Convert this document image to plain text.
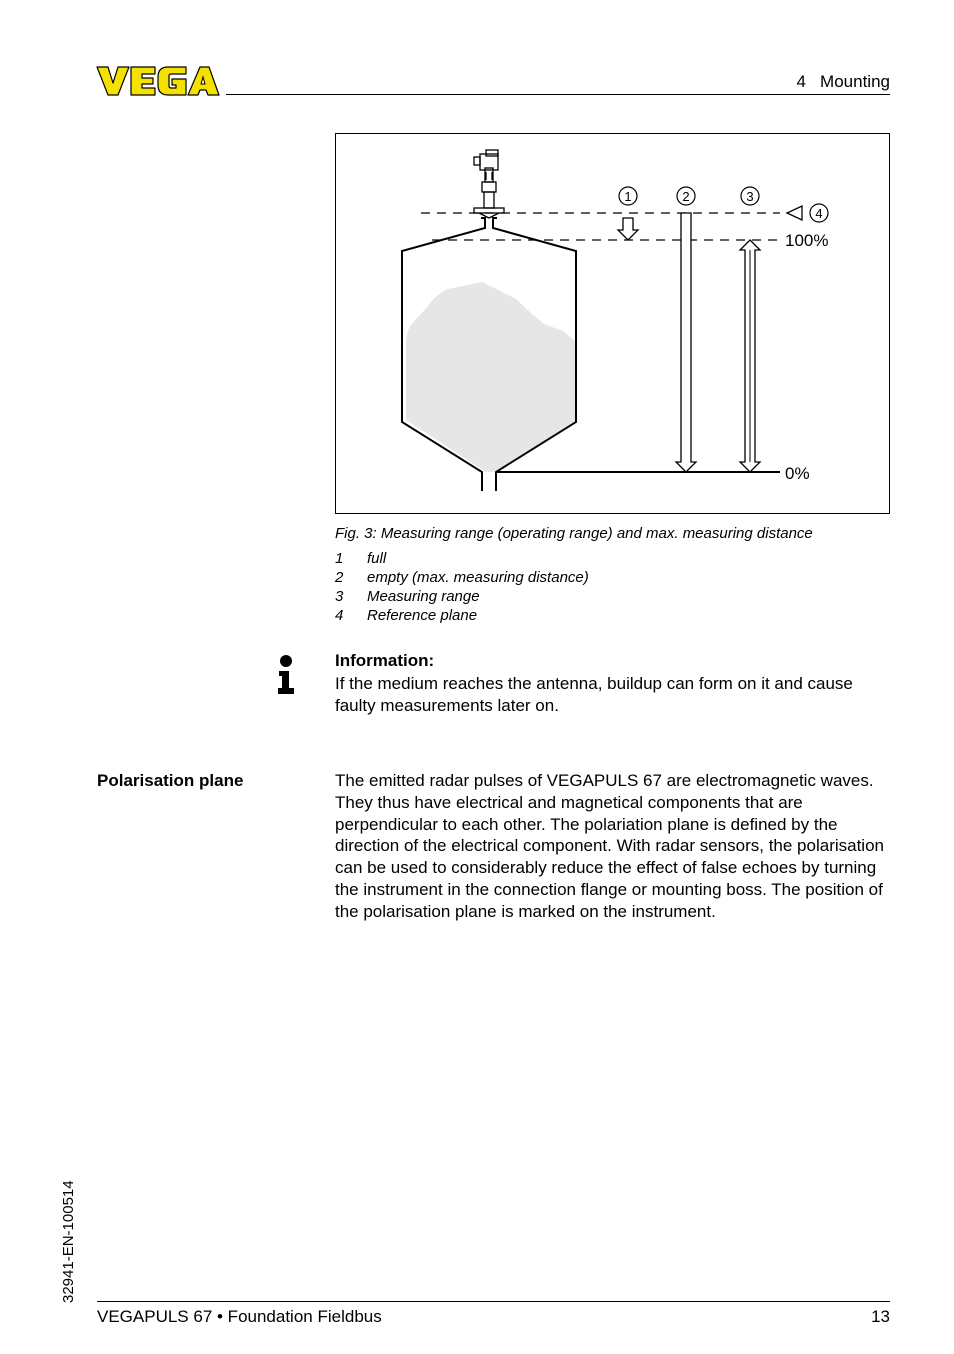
4   Mounting
1	2	3
4
100%
0%
Fig. 3: Measuring range (operating range) and max. measuring distance
1	full
2	empty (max. measuring distance)
3	Measuring range
4	Reference plane
Information:
If the medium reaches the antenna, buildup can form on it and cause faulty measurements later on.
Polarisation plane	The emitted radar pulses of VEGAPULS 67 are electromagnetic waves. They thus have electrical and magnetical components that are perpendicular to each other. The polariation plane is defined by the direction of the electrical component. With radar sensors, the polarisation can be used to considerably reduce the effect of false echoes by turning the instrument in the connection flange or mounting boss. The position of the polarisation plane is marked on the instrument.
32941-EN-100514
VEGAPULS 67 • Foundation Fieldbus	13
